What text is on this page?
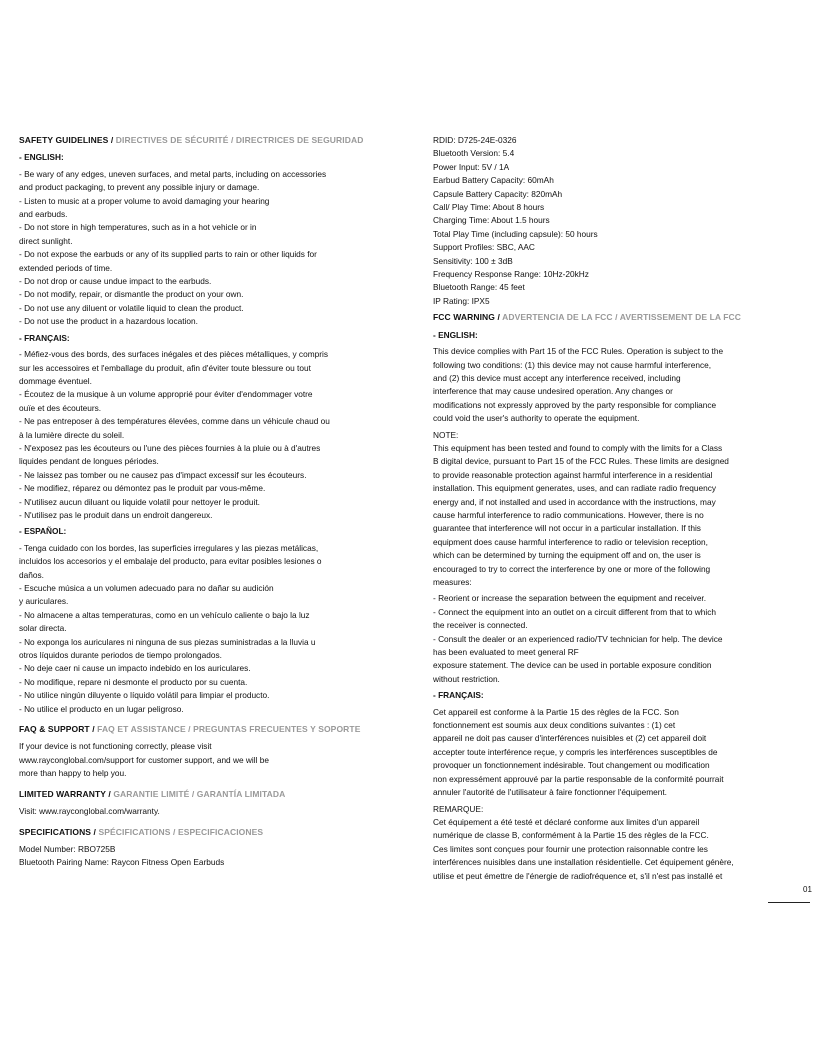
SAFETY GUIDELINES / DIRECTIVES DE SÉCURITÉ / DIRECTRICES DE SEGURIDAD
- ENGLISH:
- Be wary of any edges, uneven surfaces, and metal parts, including on accessories
and product packaging, to prevent any possible injury or damage.
- Listen to music at a proper volume to avoid damaging your hearing
and earbuds.
- Do not store in high temperatures, such as in a hot vehicle or in
direct sunlight.
- Do not expose the earbuds or any of its supplied parts to rain or other liquids for
extended periods of time.
- Do not drop or cause undue impact to the earbuds.
- Do not modify, repair, or dismantle the product on your own.
- Do not use any diluent or volatile liquid to clean the product.
- Do not use the product in a hazardous location.
- FRANÇAIS:
- Méfiez-vous des bords, des surfaces inégales et des pièces métalliques, y compris
sur les accessoires et l'emballage du produit, afin d'éviter toute blessure ou tout
dommage éventuel.
- Écoutez de la musique à un volume approprié pour éviter d'endommager votre
ouïe et des écouteurs.
- Ne pas entreposer à des températures élevées, comme dans un véhicule chaud ou
à la lumière directe du soleil.
- N'exposez pas les écouteurs ou l'une des pièces fournies à la pluie ou à d'autres
liquides pendant de longues périodes.
- Ne laissez pas tomber ou ne causez pas d'impact excessif sur les écouteurs.
- Ne modifiez, réparez ou démontez pas le produit par vous-même.
- N'utilisez aucun diluant ou liquide volatil pour nettoyer le produit.
- N'utilisez pas le produit dans un endroit dangereux.
- ESPAÑOL:
- Tenga cuidado con los bordes, las superficies irregulares y las piezas metálicas,
incluidos los accesorios y el embalaje del producto, para evitar posibles lesiones o
daños.
- Escuche música a un volumen adecuado para no dañar su audición
y auriculares.
- No almacene a altas temperaturas, como en un vehículo caliente o bajo la luz
solar directa.
- No exponga los auriculares ni ninguna de sus piezas suministradas a la lluvia u
otros líquidos durante periodos de tiempo prolongados.
- No deje caer ni cause un impacto indebido en los auriculares.
- No modifique, repare ni desmonte el producto por su cuenta.
- No utilice ningún diluyente o líquido volátil para limpiar el producto.
- No utilice el producto en un lugar peligroso.
FAQ & SUPPORT / FAQ ET ASSISTANCE / PREGUNTAS FRECUENTES Y SOPORTE
If your device is not functioning correctly, please visit
www.rayconglobal.com/support for customer support, and we will be
more than happy to help you.
LIMITED WARRANTY / GARANTIE LIMITÉ / GARANTÍA LIMITADA
Visit: www.rayconglobal.com/warranty.
SPECIFICATIONS / SPÉCIFICATIONS / ESPECIFICACIONES
Model Number: RBO725B
Bluetooth Pairing Name: Raycon Fitness Open Earbuds
RDID: D725-24E-0326
Bluetooth Version: 5.4
Power Input: 5V / 1A
Earbud Battery Capacity: 60mAh
Capsule Battery Capacity: 820mAh
Call/ Play Time: About 8 hours
Charging Time: About 1.5 hours
Total Play Time (including capsule): 50 hours
Support Profiles: SBC, AAC
Sensitivity: 100 ± 3dB
Frequency Response Range: 10Hz-20kHz
Bluetooth Range: 45 feet
IP Rating: IPX5
FCC WARNING / ADVERTENCIA DE LA FCC / AVERTISSEMENT DE LA FCC
- ENGLISH:
This device complies with Part 15 of the FCC Rules. Operation is subject to the
following two conditions: (1) this device may not cause harmful interference,
and (2) this device must accept any interference received, including
interference that may cause undesired operation. Any changes or
modifications not expressly approved by the party responsible for compliance
could void the user's authority to operate the equipment.
NOTE:
This equipment has been tested and found to comply with the limits for a Class
B digital device, pursuant to Part 15 of the FCC Rules. These limits are designed
to provide reasonable protection against harmful interference in a residential
installation. This equipment generates, uses, and can radiate radio frequency
energy and, if not installed and used in accordance with the instructions, may
cause harmful interference to radio communications. However, there is no
guarantee that interference will not occur in a particular installation. If this
equipment does cause harmful interference to radio or television reception,
which can be determined by turning the equipment off and on, the user is
encouraged to try to correct the interference by one or more of the following
measures:
- Reorient or increase the separation between the equipment and receiver.
- Connect the equipment into an outlet on a circuit different from that to which
the receiver is connected.
- Consult the dealer or an experienced radio/TV technician for help. The device
has been evaluated to meet general RF
exposure statement. The device can be used in portable exposure condition
without restriction.
- FRANÇAIS:
Cet appareil est conforme à la Partie 15 des règles de la FCC. Son
fonctionnement est soumis aux deux conditions suivantes : (1) cet
appareil ne doit pas causer d'interférences nuisibles et (2) cet appareil doit
accepter toute interférence reçue, y compris les interférences susceptibles de
provoquer un fonctionnement indésirable. Tout changement ou modification
non expressément approuvé par la partie responsable de la conformité pourrait
annuler l'autorité de l'utilisateur à faire fonctionner l'équipement.
REMARQUE:
Cet équipement a été testé et déclaré conforme aux limites d'un appareil
numérique de classe B, conformément à la Partie 15 des règles de la FCC.
Ces limites sont conçues pour fournir une protection raisonnable contre les
interférences nuisibles dans une installation résidentielle. Cet équipement génère,
utilise et peut émettre de l'énergie de radiofréquence et, s'il n'est pas installé et
01
